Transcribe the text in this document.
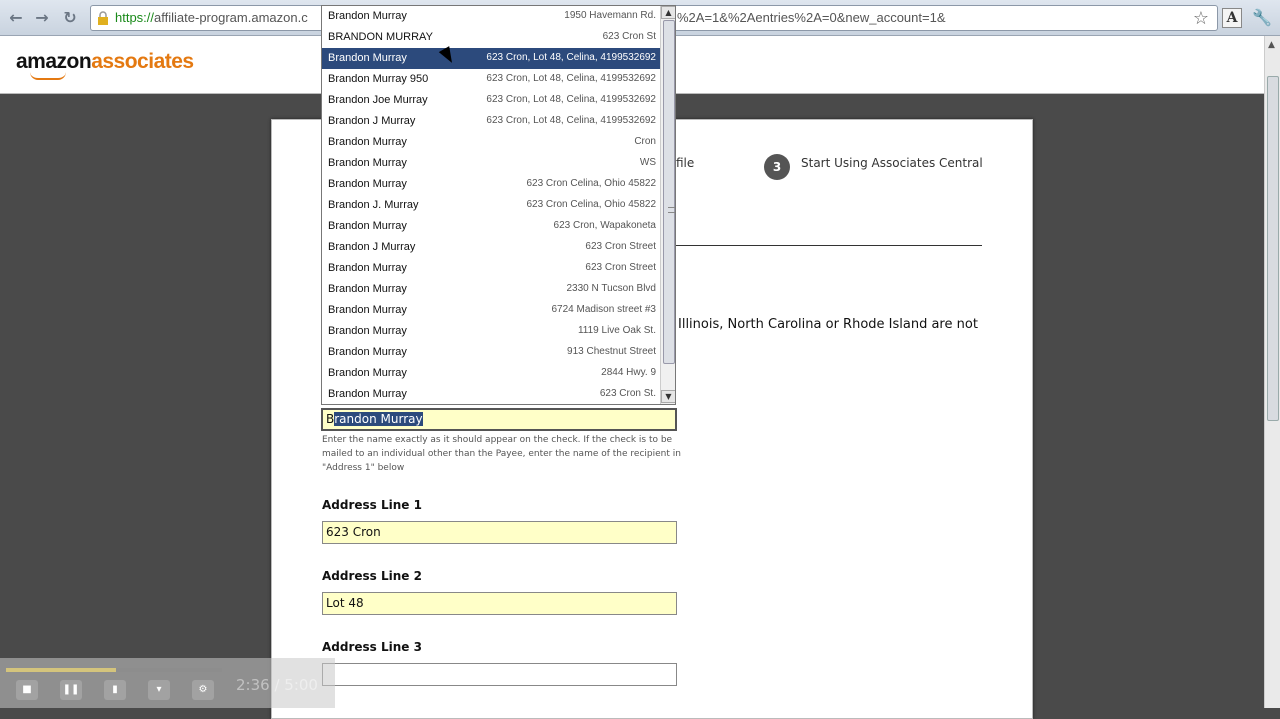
← → ↻	https://affiliate-program.amazon.c	%2A=1&%2Aentries%2A=0&new_account=1&	☆	A 🔧
amazonassociates
▲
file	3	Start Using Associates Central
Illinois, North Carolina or Rhode Island are not
Enter the name exactly as it should appear on the check. If the check is to be mailed to an individual other than the Payee, enter the name of the recipient in "Address 1" below
Address Line 1
623 Cron
Address Line 2
Lot 48
Address Line 3
Brandon Murray
Brandon Murray	1950 Havemann Rd.
BRANDON MURRAY	623 Cron St
Brandon Murray	623 Cron, Lot 48, Celina, 4199532692
Brandon Murray 950	623 Cron, Lot 48, Celina, 4199532692
Brandon Joe Murray	623 Cron, Lot 48, Celina, 4199532692
Brandon J Murray	623 Cron, Lot 48, Celina, 4199532692
Brandon Murray	Cron
Brandon Murray	WS
Brandon Murray	623 Cron Celina, Ohio 45822
Brandon J. Murray	623 Cron Celina, Ohio 45822
Brandon Murray	623 Cron, Wapakoneta
Brandon J Murray	623 Cron Street
Brandon Murray	623 Cron Street
Brandon Murray	2330 N Tucson Blvd
Brandon Murray	6724 Madison street #3
Brandon Murray	1119 Live Oak St.
Brandon Murray	913 Chestnut Street
Brandon Murray	2844 Hwy. 9
Brandon Murray	623 Cron St.
▲
▼
■	❚❚	▮	▾	⚙	2:36 / 5:00
